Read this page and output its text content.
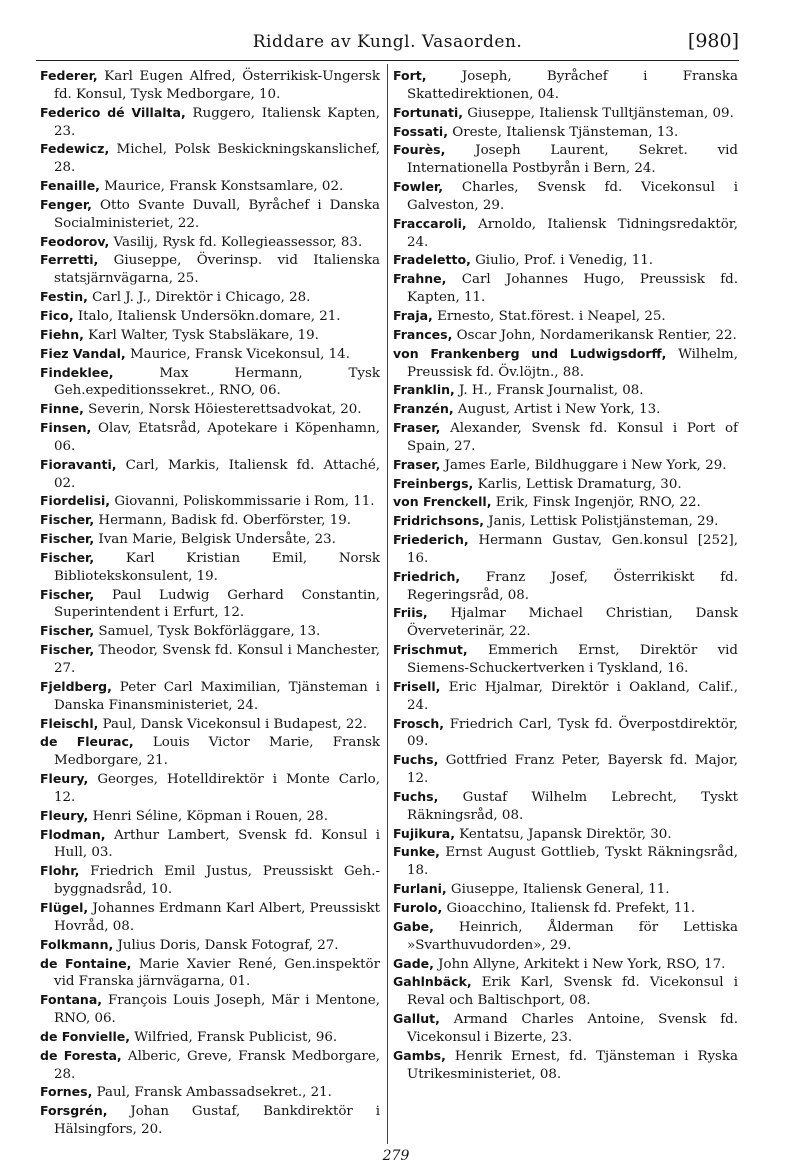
Riddare av Kungl. Vasaorden.	[980]
Federer, Karl Eugen Alfred, Österrikisk-Ungersk fd. Konsul, Tysk Medborgare, 10.
Federico dé Villalta, Ruggero, Italiensk Kapten, 23.
Fedewicz, Michel, Polsk Beskickningskanslichef, 28.
Fenaille, Maurice, Fransk Konstsamlare, 02.
Fenger, Otto Svante Duvall, Byråchef i Danska Socialministeriet, 22.
Feodorov, Vasilij, Rysk fd. Kollegieassessor, 83.
Ferretti, Giuseppe, Överinsp. vid Italienska statsjärnvägarna, 25.
Festin, Carl J. J., Direktör i Chicago, 28.
Fico, Italo, Italiensk Undersökn.domare, 21.
Fiehn, Karl Walter, Tysk Stabsläkare, 19.
Fiez Vandal, Maurice, Fransk Vicekonsul, 14.
Findeklee,	Max Hermann, Tysk Geh.expeditionssekret., RNO, 06.
Finne, Severin, Norsk Höiesterettsadvokat, 20.
Finsen, Olav, Etatsråd, Apotekare i Köpenhamn, 06.
Fioravanti, Carl, Markis, Italiensk fd. Attaché, 02.
Fiordelisi, Giovanni, Poliskommissarie i Rom, 11.
Fischer, Hermann, Badisk fd. Oberförster, 19.
Fischer, Ivan Marie, Belgisk Undersåte, 23.
Fischer, Karl Kristian Emil, Norsk Bibliotekskonsulent, 19.
Fischer, Paul Ludwig Gerhard Constantin, Superintendent i Erfurt, 12.
Fischer, Samuel, Tysk Bokförläggare, 13.
Fischer, Theodor, Svensk fd. Konsul i Manchester, 27.
Fjeldberg, Peter Carl Maximilian, Tjänsteman i Danska Finansministeriet, 24.
Fleischl, Paul, Dansk Vicekonsul i Budapest, 22.
de Fleurac, Louis Victor Marie, Fransk Medborgare, 21.
Fleury, Georges, Hotelldirektör i Monte Carlo, 12.
Fleury, Henri Séline, Köpman i Rouen, 28.
Flodman, Arthur Lambert, Svensk fd. Konsul i Hull, 03.
Flohr, Friedrich Emil Justus, Preussiskt Geh.-byggnadsråd, 10.
Flügel, Johannes Erdmann Karl Albert, Preussiskt Hovråd, 08.
Folkmann, Julius Doris, Dansk Fotograf, 27.
de Fontaine, Marie Xavier René, Gen.inspektör vid Franska järnvägarna, 01.
Fontana, François Louis Joseph, Mär i Mentone, RNO, 06.
de Fonvielle, Wilfried, Fransk Publicist, 96.
de Foresta, Alberic, Greve, Fransk Medborgare, 28.
Fornes, Paul, Fransk Ambassadsekret., 21.
Forsgrén, Johan Gustaf, Bankdirektör i Hälsingfors, 20.
Fort,	Joseph, Byråchef i Franska Skattedirektionen, 04.
Fortunati, Giuseppe, Italiensk Tulltjänsteman, 09.
Fossati, Oreste, Italiensk Tjänsteman, 13.
Fourès, Joseph Laurent, Sekret. vid Internationella Postbyrån i Bern, 24.
Fowler, Charles, Svensk fd. Vicekonsul i Galveston, 29.
Fraccaroli, Arnoldo, Italiensk Tidningsredaktör, 24.
Fradeletto, Giulio, Prof. i Venedig, 11.
Frahne, Carl Johannes Hugo, Preussisk fd. Kapten, 11.
Fraja, Ernesto, Stat.förest. i Neapel, 25.
Frances, Oscar John, Nordamerikansk Rentier, 22.
von Frankenberg und Ludwigsdorff, Wilhelm, Preussisk fd. Öv.löjtn., 88.
Franklin, J. H., Fransk Journalist, 08.
Franzén, August, Artist i New York, 13.
Fraser, Alexander, Svensk fd. Konsul i Port of Spain, 27.
Fraser, James Earle, Bildhuggare i New York, 29.
Freinbergs, Karlis, Lettisk Dramaturg, 30.
von Frenckell, Erik, Finsk Ingenjör, RNO, 22.
Fridrichsons, Janis, Lettisk Polistjänsteman, 29.
Friederich, Hermann Gustav, Gen.konsul [252], 16.
Friedrich, Franz Josef, Österrikiskt fd. Regeringsråd, 08.
Friis, Hjalmar Michael Christian, Dansk Överveterinär, 22.
Frischmut, Emmerich Ernst, Direktör vid Siemens-Schuckertverken i Tyskland, 16.
Frisell, Eric Hjalmar, Direktör i Oakland, Calif., 24.
Frosch, Friedrich Carl, Tysk fd. Överpostdirektör, 09.
Fuchs, Gottfried Franz Peter, Bayersk fd. Major, 12.
Fuchs, Gustaf Wilhelm Lebrecht, Tyskt Räkningsråd, 08.
Fujikura, Kentatsu, Japansk Direktör, 30.
Funke, Ernst August Gottlieb, Tyskt Räkningsråd, 18.
Furlani, Giuseppe, Italiensk General, 11.
Furolo, Gioacchino, Italiensk fd. Prefekt, 11.
Gabe, Heinrich, Ålderman för Lettiska »Svarthuvudorden», 29.
Gade, John Allyne, Arkitekt i New York, RSO, 17.
Gahlnbäck, Erik Karl, Svensk fd. Vicekonsul i Reval och Baltischport, 08.
Gallut, Armand Charles Antoine, Svensk fd. Vicekonsul i Bizerte, 23.
Gambs, Henrik Ernest, fd. Tjänsteman i Ryska Utrikesministeriet, 08.
279
